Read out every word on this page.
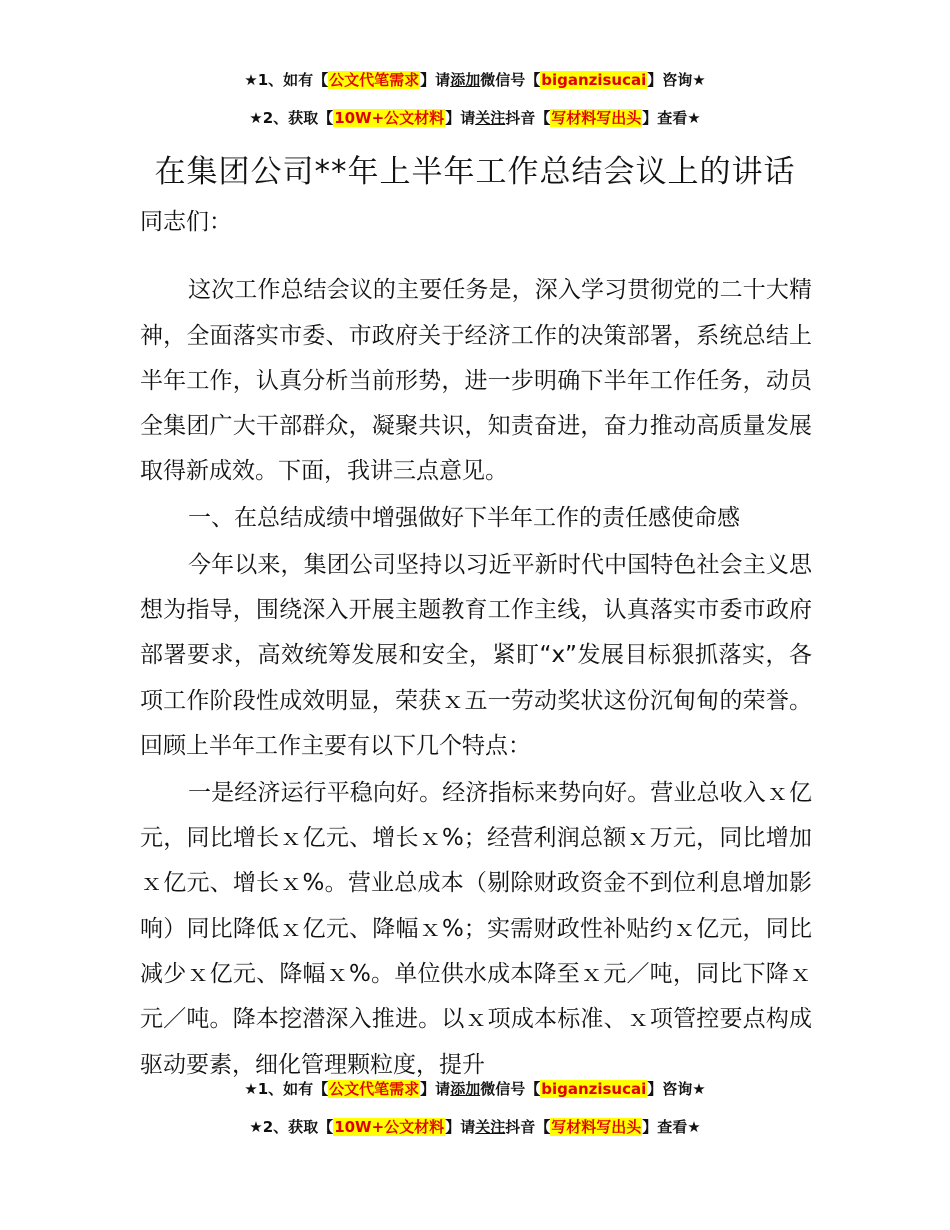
★1、如有【公文代笔需求】请添加微信号【biganzisucai】咨询★
★2、获取【10W+公文材料】请关注抖音【写材料写出头】查看★
在集团公司**年上半年工作总结会议上的讲话

同志们：

这次工作总结会议的主要任务是，深入学习贯彻党的二十大精神，全面落实市委、市政府关于经济工作的决策部署，系统总结上半年工作，认真分析当前形势，进一步明确下半年工作任务，动员全集团广大干部群众，凝聚共识，知责奋进，奋力推动高质量发展取得新成效。下面，我讲三点意见。

一、在总结成绩中增强做好下半年工作的责任感使命感

今年以来，集团公司坚持以习近平新时代中国特色社会主义思想为指导，围绕深入开展主题教育工作主线，认真落实市委市政府部署要求，高效统筹发展和安全，紧盯“x”发展目标狠抓落实，各项工作阶段性成效明显，荣获ｘ五一劳动奖状这份沉甸甸的荣誉。回顾上半年工作主要有以下几个特点：

一是经济运行平稳向好。经济指标来势向好。营业总收入ｘ亿元，同比增长ｘ亿元、增长ｘ%；经营利润总额ｘ万元，同比增加ｘ亿元、增长ｘ%。营业总成本（剔除财政资金不到位利息增加影响）同比降低ｘ亿元、降幅ｘ%；实需财政性补贴约ｘ亿元，同比减少ｘ亿元、降幅ｘ%。单位供水成本降至ｘ元／吨，同比下降ｘ元／吨。降本挖潜深入推进。以ｘ项成本标准、ｘ项管控要点构成驱动要素，细化管理颗粒度，提升

★1、如有【公文代笔需求】请添加微信号【biganzisucai】咨询★
★2、获取【10W+公文材料】请关注抖音【写材料写出头】查看★
